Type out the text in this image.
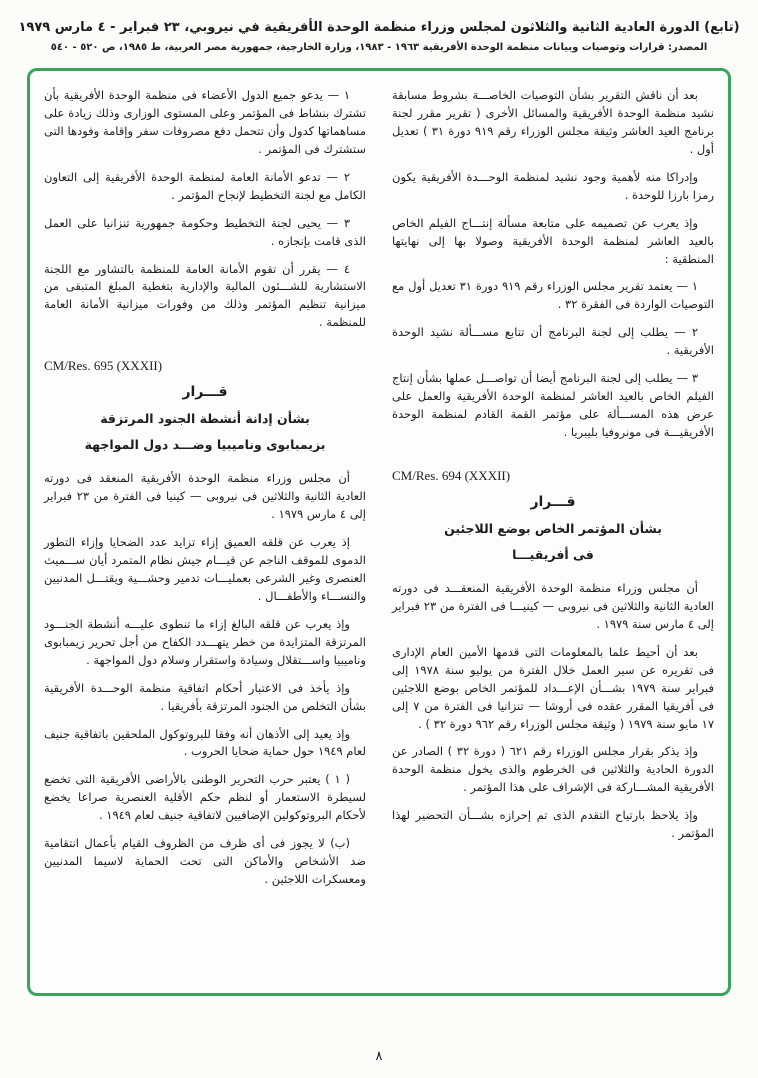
(تابع) الدورة العادية الثانية والثلاثون لمجلس وزراء منظمة الوحدة الأفريقية في نيروبي، ٢٣ فبراير - ٤ مارس ١٩٧٩
المصدر: قرارات وتوصيات وبيانات منظمة الوحدة الأفريقية ١٩٦٣ - ١٩٨٣، وزارة الخارجية، جمهورية مصر العربية، ط ١٩٨٥، ص ٥٢٠ - ٥٤٠

بعد أن ناقش التقرير بشأن التوصيات الخاصـــة بشروط مسابقة نشيد منظمة الوحدة الأفريقية والمسائل الأخرى ( تقرير مقرر لجنة برنامج العيد العاشر وثيقة مجلس الوزراء رقم ٩١٩ دورة ٣١ ) تعديل أول .

وإدراكا منه لأهمية وجود نشيد لمنظمة الوحـــدة الأفريقية يكون رمزا بارزا للوحدة .

وإذ يعرب عن تصميمه على متابعة مسألة إنتـــاج الفيلم الخاص بالعيد العاشر لمنظمة الوحدة الأفريقية وصولا بها إلى نهايتها المنطقية :

١ — يعتمد تقرير مجلس الوزراء رقم ٩١٩ دورة ٣١ تعديل أول مع التوصيات الواردة فى الفقرة ٣٢ .

٢ — يطلب إلى لجنة البرنامج أن تتابع مســـألة نشيد الوحدة الأفريقية .

٣ — يطلب إلى لجنة البرنامج أيضا أن تواصـــل عملها بشأن إنتاج الفيلم الخاص بالعيد العاشر لمنظمة الوحدة الأفريقية والعمل على عرض هذه المســـألة على مؤتمر القمة القادم لمنظمة الوحدة الأفريقيـــة فى مونروفيا بليبريا .

CM/Res. 694 (XXXII)
قـــرار
بشأن المؤتمر الخاص بوضع اللاجئين
فى أفريقيـــا

أن مجلس وزراء منظمة الوحدة الأفريقية المنعقـــد فى دورته العادية الثانية والثلاثين فى نيروبى — كينيـــا فى الفترة من ٢٣ فبراير إلى ٤ مارس سنة ١٩٧٩ .

بعد أن أحيط علما بالمعلومات التى قدمها الأمين العام الإدارى فى تقريره عن سير العمل خلال الفترة من يوليو سنة ١٩٧٨ إلى فبراير سنة ١٩٧٩ بشـــأن الإعـــداد للمؤتمر الخاص بوضع اللاجئين فى أفريقيا المقرر عقده فى أروشا — تنزانيا فى الفترة من ٧ إلى ١٧ مايو سنة ١٩٧٩ ( وثيقة مجلس الوزراء رقم ٩٦٢ دورة ٣٢ ) .

وإذ يذكر بقرار مجلس الوزراء رقم ٦٢١ ( دورة ٣٢ ) الصادر عن الدورة الحادية والثلاثين فى الخرطوم والذى يخول منظمة الوحدة الأفريقية المشـــاركة فى الإشراف على هذا المؤتمر .

وإذ يلاحظ بارتياح التقدم الذى تم إحرازه بشـــأن التحضير لهذا المؤتمر .

١ — يدعو جميع الدول الأعضاء فى منظمة الوحدة الأفريقية بأن تشترك بنشاط فى المؤتمر وعلى المستوى الوزارى وذلك زيادة على مساهماتها كدول وأن تتحمل دفع مصروفات سفر وإقامة وفودها التى ستشترك فى المؤتمر .

٢ — تدعو الأمانة العامة لمنظمة الوحدة الأفريقية إلى التعاون الكامل مع لجنة التخطيط لإنجاح المؤتمر .

٣ — يحيى لجنة التخطيط وحكومة جمهورية تنزانيا على العمل الذى قامت بإنجازه .

٤ — يقرر أن تقوم الأمانة العامة للمنظمة بالتشاور مع اللجنة الاستشارية للشـــئون المالية والإدارية بتغطية المبلغ المتبقى من ميزانية تنظيم المؤتمر وذلك من وفورات ميزانية الأمانة العامة للمنظمة .

CM/Res. 695 (XXXII)
قـــرار
بشأن إدانة أنشطة الجنود المرتزقة
بزيمبابوى وناميبيا وضـــد دول المواجهة

أن مجلس وزراء منظمة الوحدة الأفريقية المنعقد فى دورته العادية الثانية والثلاثين فى نيروبى — كينيا فى الفترة من ٢٣ فبراير إلى ٤ مارس ١٩٧٩ .

إذ يعرب عن قلقه العميق إزاء تزايد عدد الضحايا وإزاء التطور الدموى للموقف الناجم عن قيـــام جيش نظام المتمرد أيان ســـميث العنصرى وغير الشرعى بعمليـــات تدمير وحشـــية ويقتـــل المدنيين والنســـاء والأطفـــال .

وإذ يعرب عن قلقه البالغ إزاء ما تنطوى عليـــه أنشطة الجنـــود المرتزقة المتزايدة من خطر يتهـــدد الكفاح من أجل تحرير زيمبابوى وناميبيا واســـتقلال وسيادة واستقرار وسلام دول المواجهة .

وإذ يأخذ فى الاعتبار أحكام اتفاقية منظمة الوحـــدة الأفريقية بشأن التخلص من الجنود المرتزقة بأفريقيا .

وإذ يعيد إلى الأذهان أنه وفقا للبروتوكول الملحقين باتفاقية جنيف لعام ١٩٤٩ حول حماية ضحايا الحروب .

( ١ ) يعتبر حرب التحرير الوطنى بالأراضى الأفريقية التى تخضع لسيطرة الاستعمار أو لنظم حكم الأقلية العنصرية صراعا يخضع لأحكام البروتوكولين الإضافيين لاتفاقية جنيف لعام ١٩٤٩ .

(ب) لا يجوز فى أى ظرف من الظروف القيام بأعمال انتقامية ضد الأشخاص والأماكن التى تحت الحماية لاسيما المدنيين ومعسكرات اللاجئين .

٨
